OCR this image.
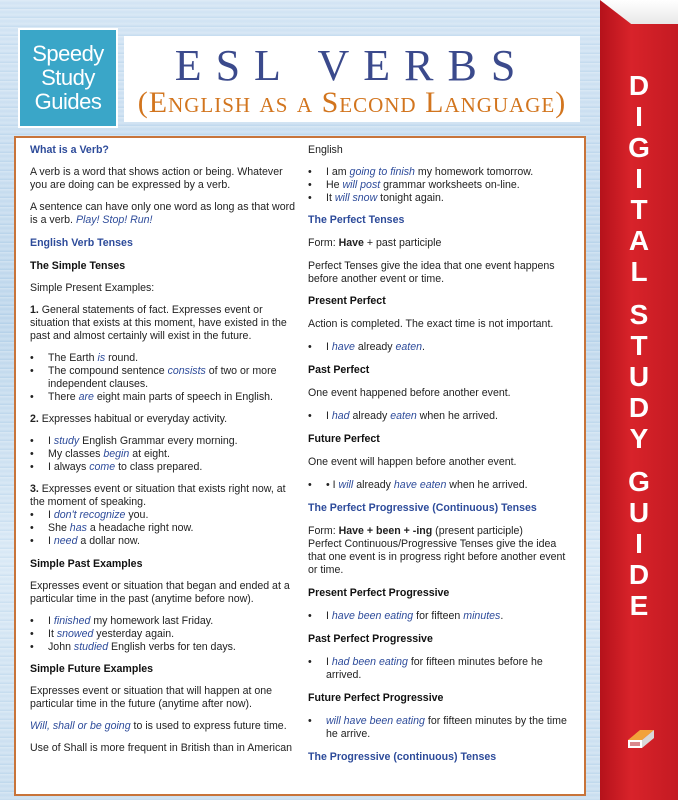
Speedy
Study
Guides
ESL VERBS
(English as a Second Language)

What is a Verb?

A verb is a word that shows action or being. Whatever you are doing can be expressed by a verb.

A sentence can have only one word as long as that word is a verb. Play! Stop! Run!

English Verb Tenses

The Simple Tenses

Simple Present Examples:

1. General statements of fact. Expresses event or situation that exists at this moment, have existed in the past and almost certainly will exist in the future.

• The Earth is round.
• The compound sentence consists of two or more independent clauses.
• There are eight main parts of speech in English.

2. Expresses habitual or everyday activity.

• I study English Grammar every morning.
• My classes begin at eight.
• I always come to class prepared.

3. Expresses event or situation that exists right now, at the moment of speaking.

• I don't recognize you.
• She has a headache right now.
• I need a dollar now.

Simple Past Examples

Expresses event or situation that began and ended at a particular time in the past (anytime before now).

• I finished my homework last Friday.
• It snowed yesterday again.
• John studied English verbs for ten days.

Simple Future Examples

Expresses event or situation that will happen at one particular time in the future (anytime after now).

Will, shall or be going to is used to express future time.

Use of Shall is more frequent in British than in American

English

• I am going to finish my homework tomorrow.
• He will post grammar worksheets on-line.
• It will snow tonight again.

The Perfect Tenses

Form: Have + past participle

Perfect Tenses give the idea that one event happens before another event or time.

Present Perfect

Action is completed. The exact time is not important.

• I have already eaten.

Past Perfect

One event happened before another event.

• I had already eaten when he arrived.

Future Perfect

One event will happen before another event.

• • I will already have eaten when he arrived.

The Perfect Progressive (Continuous) Tenses

Form: Have + been + -ing (present participle)

Perfect Continuous/Progressive Tenses give the idea that one event is in progress right before another event or time.

Present Perfect Progressive

• I have been eating for fifteen minutes.

Past Perfect Progressive

• I had been eating for fifteen minutes before he arrived.

Future Perfect Progressive

• will have been eating for fifteen minutes by the time he arrive.

The Progressive (continuous) Tenses

D
I
G
I
T
A
L
S
T
U
D
Y
G
U
I
D
E
